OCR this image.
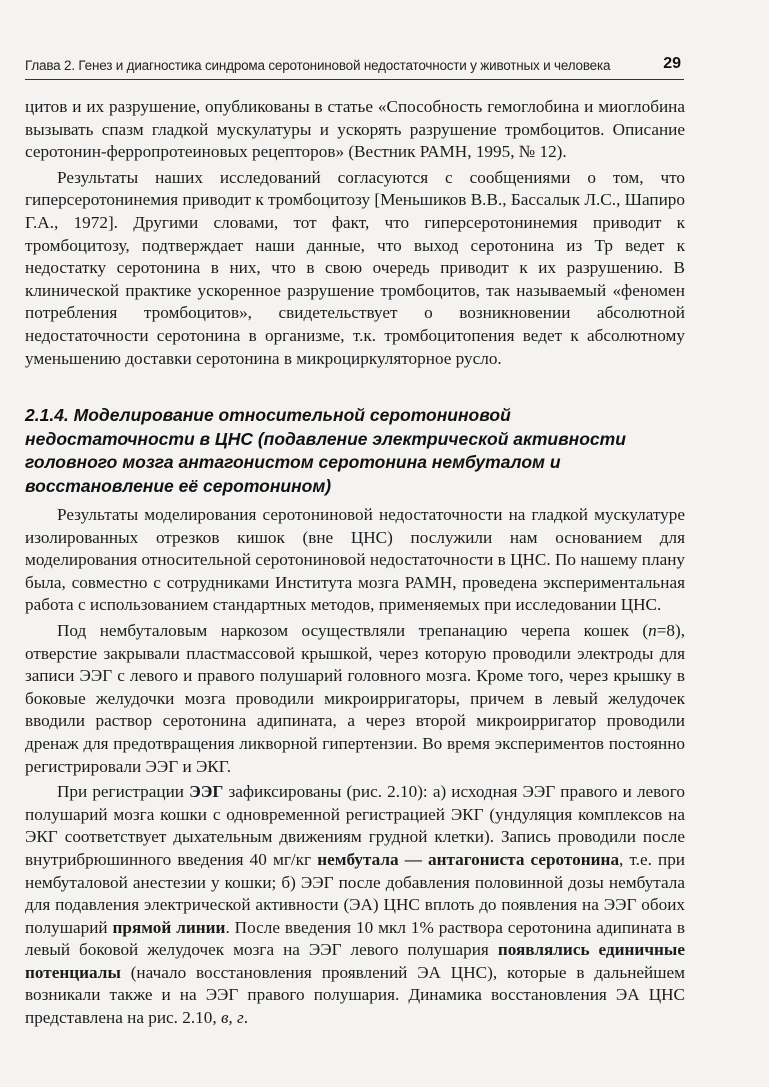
Глава 2. Генез и диагностика синдрома серотониновой недостаточности у животных и человека	29

цитов и их разрушение, опубликованы в статье «Способность гемоглобина и миоглобина вызывать спазм гладкой мускулатуры и ускорять разрушение тромбоцитов. Описание серотонин-ферропротеиновых рецепторов» (Вестник РАМН, 1995, № 12).

Результаты наших исследований согласуются с сообщениями о том, что гиперсеротонинемия приводит к тромбоцитозу [Меньшиков В.В., Бассалык Л.С., Шапиро Г.А., 1972]. Другими словами, тот факт, что гиперсеротонинемия приводит к тромбоцитозу, подтверждает наши данные, что выход серотонина из Тр ведет к недостатку серотонина в них, что в свою очередь приводит к их разрушению. В клинической практике ускоренное разрушение тромбоцитов, так называемый «феномен потребления тромбоцитов», свидетельствует о возникновении абсолютной недостаточности серотонина в организме, т.к. тромбоцитопения ведет к абсолютному уменьшению доставки серотонина в микроциркуляторное русло.

2.1.4. Моделирование относительной серотониновой недостаточности в ЦНС (подавление электрической активности головного мозга антагонистом серотонина нембуталом и восстановление её серотонином)

Результаты моделирования серотониновой недостаточности на гладкой мускулатуре изолированных отрезков кишок (вне ЦНС) послужили нам основанием для моделирования относительной серотониновой недостаточности в ЦНС. По нашему плану была, совместно с сотрудниками Института мозга РАМН, проведена экспериментальная работа с использованием стандартных методов, применяемых при исследовании ЦНС.

Под нембуталовым наркозом осуществляли трепанацию черепа кошек (n=8), отверстие закрывали пластмассовой крышкой, через которую проводили электроды для записи ЭЭГ с левого и правого полушарий головного мозга. Кроме того, через крышку в боковые желудочки мозга проводили микроирригаторы, причем в левый желудочек вводили раствор серотонина адипината, а через второй микроирригатор проводили дренаж для предотвращения ликворной гипертензии. Во время экспериментов постоянно регистрировали ЭЭГ и ЭКГ.

При регистрации ЭЭГ зафиксированы (рис. 2.10): а) исходная ЭЭГ правого и левого полушарий мозга кошки с одновременной регистрацией ЭКГ (ундуляция комплексов на ЭКГ соответствует дыхательным движениям грудной клетки). Запись проводили после внутрибрюшинного введения 40 мг/кг нембутала — антагониста серотонина, т.е. при нембуталовой анестезии у кошки; б) ЭЭГ после добавления половинной дозы нембутала для подавления электрической активности (ЭА) ЦНС вплоть до появления на ЭЭГ обоих полушарий прямой линии. После введения 10 мкл 1% раствора серотонина адипината в левый боковой желудочек мозга на ЭЭГ левого полушария появлялись единичные потенциалы (начало восстановления проявлений ЭА ЦНС), которые в дальнейшем возникали также и на ЭЭГ правого полушария. Динамика восстановления ЭА ЦНС представлена на рис. 2.10, в, г.
